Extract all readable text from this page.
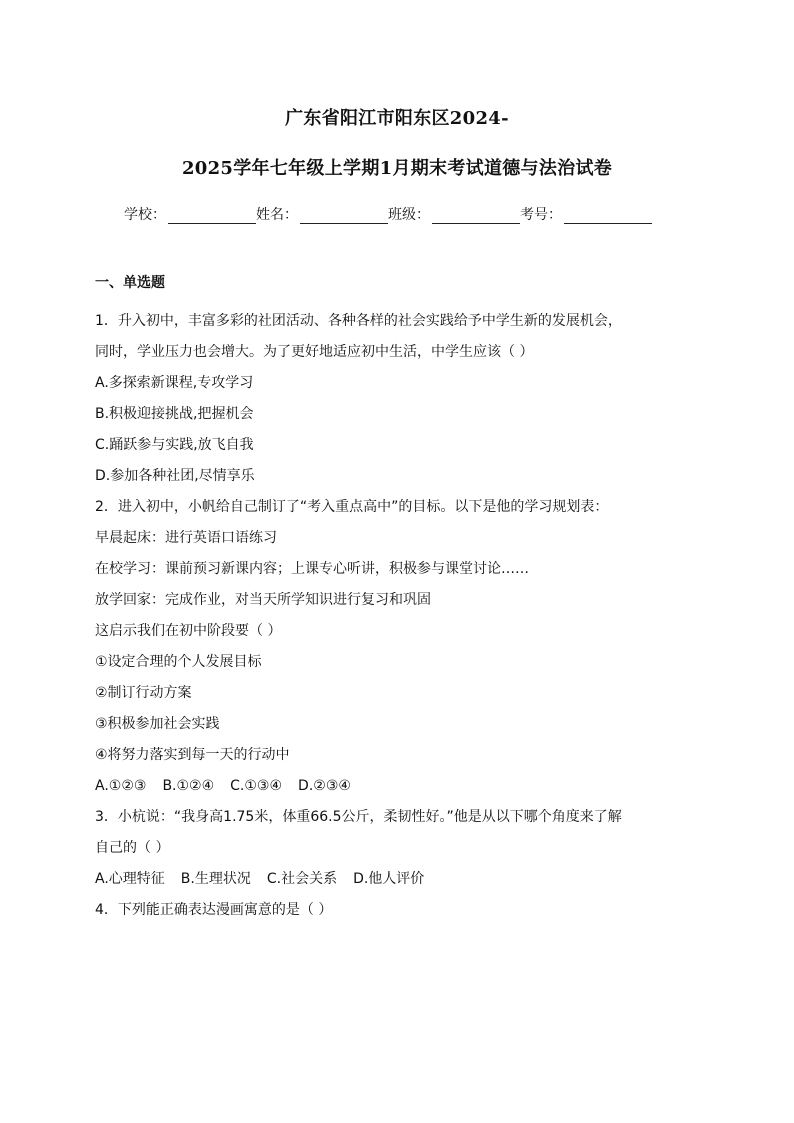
广东省阳江市阳东区2024-
2025学年七年级上学期1月期末考试道德与法治试卷
学校：	姓名：	班级：	考号：
一、单选题
1．升入初中，丰富多彩的社团活动、各种各样的社会实践给予中学生新的发展机会，
同时，学业压力也会增大。为了更好地适应初中生活，中学生应该（ ）
A.多探索新课程,专攻学习
B.积极迎接挑战,把握机会
C.踊跃参与实践,放飞自我
D.参加各种社团,尽情享乐
2．进入初中，小帆给自己制订了“考入重点高中”的目标。以下是他的学习规划表：
早晨起床：进行英语口语练习
在校学习：课前预习新课内容；上课专心听讲，积极参与课堂讨论……
放学回家：完成作业，对当天所学知识进行复习和巩固
这启示我们在初中阶段要（ ）
①设定合理的个人发展目标
②制订行动方案
③积极参加社会实践
④将努力落实到每一天的行动中
A.①②③ B.①②④ C.①③④ D.②③④
3．小杭说：“我身高1.75米，体重66.5公斤，柔韧性好。”他是从以下哪个角度来了解
自己的（ ）
A.心理特征 B.生理状况 C.社会关系 D.他人评价
4．下列能正确表达漫画寓意的是（ ）
